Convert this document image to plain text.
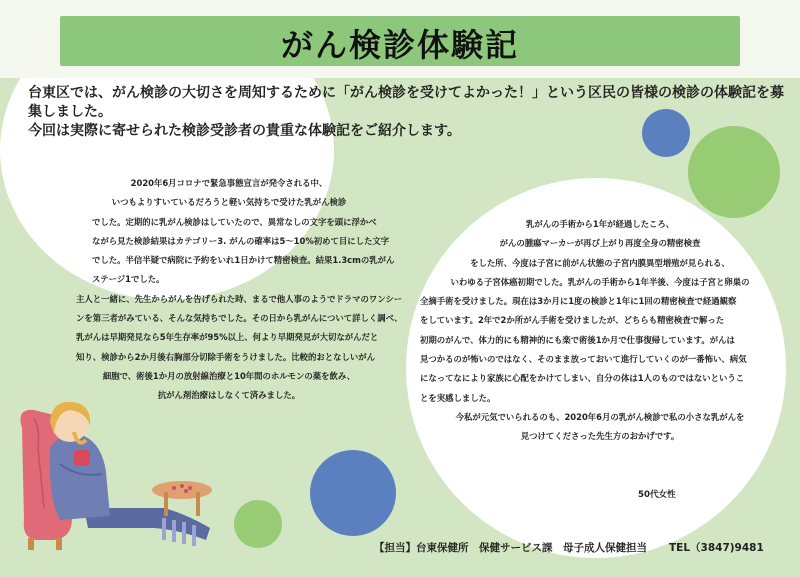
がん検診体験記
台東区では、がん検診の大切さを周知するために「がん検診を受けてよかった！」という区民の皆様の検診の体験記を募集しました。
今回は実際に寄せられた検診受診者の貴重な体験記をご紹介します。

2020年6月コロナで緊急事態宣言が発令される中、

いつもよりすいているだろうと軽い気持ちで受けた乳がん検診

でした。定期的に乳がん検診はしていたので、異常なしの文字を頭に浮かべ

ながら見た検診結果はカテゴリー3. がんの確率は5～10%初めて目にした文字

でした。半信半疑で病院に予約をいれ1日かけて精密検査。結果1.3cmの乳がん

ステージ1でした。

主人と一緒に、先生からがんを告げられた時、まるで他人事のようでドラマのワンシー

ンを第三者がみている、そんな気持ちでした。その日から乳がんについて詳しく調べ、

乳がんは早期発見なら5年生存率が95%以上、何より早期発見が大切ながんだと

知り、検診から2か月後右胸部分切除手術をうけました。比較的おとなしいがん

細胞で、術後1か月の放射線治療と10年間のホルモンの薬を飲み、

抗がん剤治療はしなくて済みました。

乳がんの手術から1年が経過したころ、

がんの腫瘍マーカーが再び上がり再度全身の精密検査

をした所、今度は子宮に前がん状態の子宮内膜異型増殖が見られる、

いわゆる子宮体癌初期でした。乳がんの手術から1年半後、今度は子宮と卵巣の

全摘手術を受けました。現在は3か月に1度の検診と1年に1回の精密検査で経過観察

をしています。2年で2か所がん手術を受けましたが、どちらも精密検査で解った

初期のがんで、体力的にも精神的にも楽で術後1か月で仕事復帰しています。がんは

見つかるのが怖いのではなく、そのまま放っておいて進行していくのが一番怖い、病気

になってなにより家族に心配をかけてしまい、自分の体は1人のものではないというこ

とを実感しました。

今私が元気でいられるのも、2020年6月の乳がん検診で私の小さな乳がんを

見つけてくださった先生方のおかげです。

50代女性
【担当】台東保健所　保健サービス課　母子成人保健担当 TEL（3847)9481
